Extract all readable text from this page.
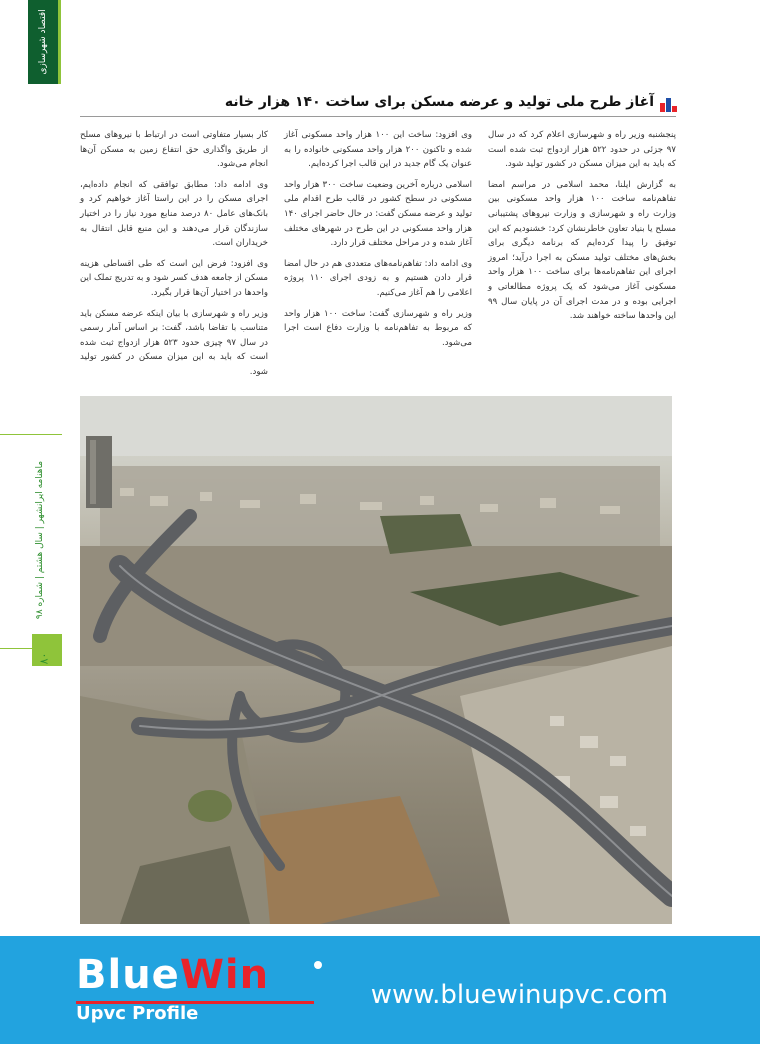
اقتصاد شهرسازی
ماهنامه ایرانشهر | سال هشتم | شماره ۹۸
۸۰
آغاز طرح ملی تولید و عرضه مسکن برای ساخت ۱۴۰ هزار خانه

پنجشنبه وزیر راه و شهرسازی اعلام کرد که در سال ۹۷ جزئی در حدود ۵۲۲ هزار ازدواج ثبت شده است که باید به این میزان مسکن در کشور تولید شود.

به گزارش ایلنا، محمد اسلامی در مراسم امضا تفاهم‌نامه ساخت ۱۰۰ هزار واحد مسکونی بین وزارت راه و شهرسازی و وزارت نیروهای پشتیبانی مسلح یا بنیاد تعاون خاطرنشان کرد: خشنودیم که این توفیق را پیدا کرده‌ایم که برنامه دیگری برای بخش‌های مختلف تولید مسکن به اجرا درآید؛ امروز اجرای این تفاهم‌نامه‌ها برای ساخت ۱۰۰ هزار واحد مسکونی آغاز می‌شود که یک پروژه مطالعاتی و اجرایی بوده و در مدت اجرای آن در پایان سال ۹۹ این واحدها ساخته خواهند شد.

وی افزود: ساخت این ۱۰۰ هزار واحد مسکونی آغاز شده و تاکنون ۲۰۰ هزار واحد مسکونی خانواده را به عنوان یک گام جدید در این قالب اجرا کرده‌ایم.

اسلامی درباره آخرین وضعیت ساخت ۳۰۰ هزار واحد مسکونی در سطح کشور در قالب طرح اقدام ملی تولید و عرضه مسکن گفت: در حال حاضر اجرای ۱۴۰ هزار واحد مسکونی در این طرح در شهرهای مختلف آغاز شده و در مراحل مختلف قرار دارد.

وی ادامه داد: تفاهم‌نامه‌های متعددی هم در حال امضا قرار دادن هستیم و به زودی اجرای ۱۱۰ پروژه اعلامی را هم آغاز می‌کنیم.

وزیر راه و شهرسازی گفت: ساخت ۱۰۰ هزار واحد که مربوط به تفاهم‌نامه با وزارت دفاع است اجرا می‌شود.

کار بسیار متفاوتی است در ارتباط با نیروهای مسلح از طریق واگذاری حق انتفاع زمین به مسکن آن‌ها انجام می‌شود.

وی ادامه داد: مطابق توافقی که انجام داده‌ایم، اجرای مسکن را در این راستا آغاز خواهیم کرد و بانک‌های عامل ۸۰ درصد منابع مورد نیاز را در اختیار سازندگان قرار می‌دهند و این منبع قابل انتقال به خریداران است.

وی افزود: فرض این است که طی اقساطی هزینه مسکن از جامعه هدف کسر شود و به تدریج تملک این واحدها در اختیار آن‌ها قرار بگیرد.

وزیر راه و شهرسازی با بیان اینکه عرضه مسکن باید متناسب با تقاضا باشد، گفت: بر اساس آمار رسمی در سال ۹۷ چیزی حدود ۵۲۳ هزار ازدواج ثبت شده است که باید به این میزان مسکن در کشور تولید شود.

BlueWin
Upvc Profile
www.bluewinupvc.com
